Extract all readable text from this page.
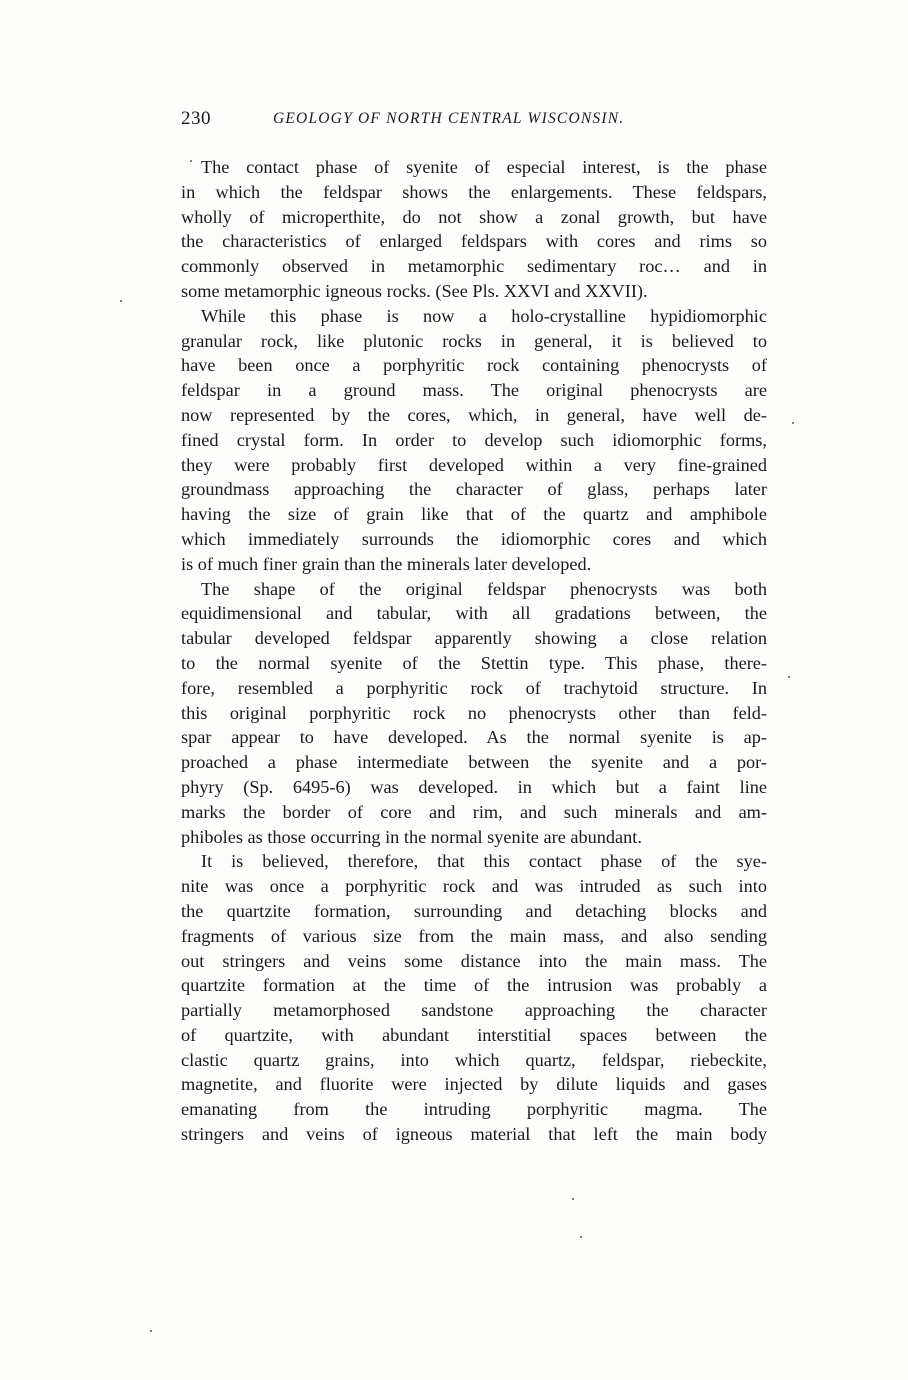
230	GEOLOGY OF NORTH CENTRAL WISCONSIN.
The contact phase of syenite of especial interest, is the phase
in which the feldspar shows the enlargements. These feldspars,
wholly of microperthite, do not show a zonal growth, but have
the characteristics of enlarged feldspars with cores and rims so
commonly observed in metamorphic sedimentary roc… and in
some metamorphic igneous rocks. (See Pls. XXVI and XXVII).
While this phase is now a holo-crystalline hypidiomorphic
granular rock, like plutonic rocks in general, it is believed to
have been once a porphyritic rock containing phenocrysts of
feldspar in a ground mass. The original phenocrysts are
now represented by the cores, which, in general, have well de-
fined crystal form. In order to develop such idiomorphic forms,
they were probably first developed within a very fine-grained
groundmass approaching the character of glass, perhaps later
having the size of grain like that of the quartz and amphibole
which immediately surrounds the idiomorphic cores and which
is of much finer grain than the minerals later developed.
The shape of the original feldspar phenocrysts was both
equidimensional and tabular, with all gradations between, the
tabular developed feldspar apparently showing a close relation
to the normal syenite of the Stettin type. This phase, there-
fore, resembled a porphyritic rock of trachytoid structure. In
this original porphyritic rock no phenocrysts other than feld-
spar appear to have developed. As the normal syenite is ap-
proached a phase intermediate between the syenite and a por-
phyry (Sp. 6495-6) was developed. in which but a faint line
marks the border of core and rim, and such minerals and am-
phiboles as those occurring in the normal syenite are abundant.
It is believed, therefore, that this contact phase of the sye-
nite was once a porphyritic rock and was intruded as such into
the quartzite formation, surrounding and detaching blocks and
fragments of various size from the main mass, and also sending
out stringers and veins some distance into the main mass. The
quartzite formation at the time of the intrusion was probably a
partially metamorphosed sandstone approaching the character
of quartzite, with abundant interstitial spaces between the
clastic quartz grains, into which quartz, feldspar, riebeckite,
magnetite, and fluorite were injected by dilute liquids and gases
emanating from the intruding porphyritic magma. The
stringers and veins of igneous material that left the main body
